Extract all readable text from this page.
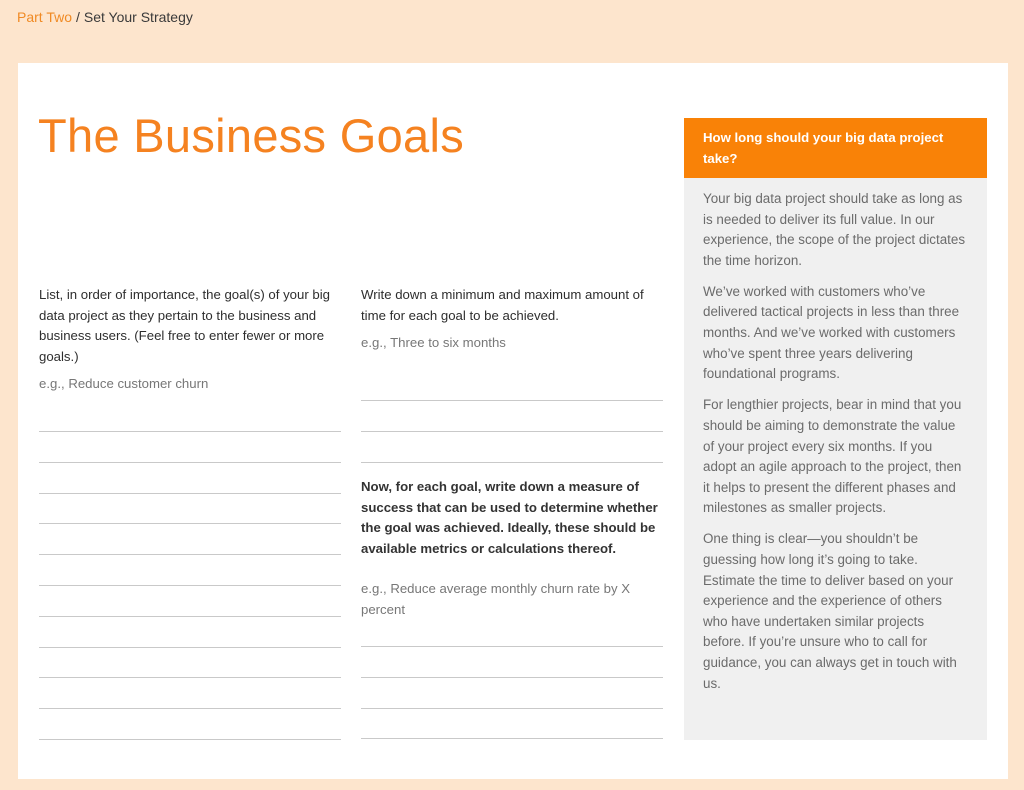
Part Two / Set Your Strategy
The Business Goals

List, in order of importance, the goal(s) of your big data project as they pertain to the business and business users. (Feel free to enter fewer or more goals.)

e.g., Reduce customer churn

Write down a minimum and maximum amount of time for each goal to be achieved.

e.g., Three to six months

Now, for each goal, write down a measure of success that can be used to determine whether the goal was achieved. Ideally, these should be available metrics or calculations thereof.

e.g., Reduce average monthly churn rate by X percent

How long should your big data project take?

Your big data project should take as long as is needed to deliver its full value. In our experience, the scope of the project dictates the time horizon.

We’ve worked with customers who’ve delivered tactical projects in less than three months. And we’ve worked with customers who’ve spent three years delivering foundational programs.

For lengthier projects, bear in mind that you should be aiming to demonstrate the value of your project every six months. If you adopt an agile approach to the project, then it helps to present the different phases and milestones as smaller projects.

One thing is clear—you shouldn’t be guessing how long it’s going to take. Estimate the time to deliver based on your experience and the experience of others who have undertaken similar projects before. If you’re unsure who to call for guidance, you can always get in touch with us.
